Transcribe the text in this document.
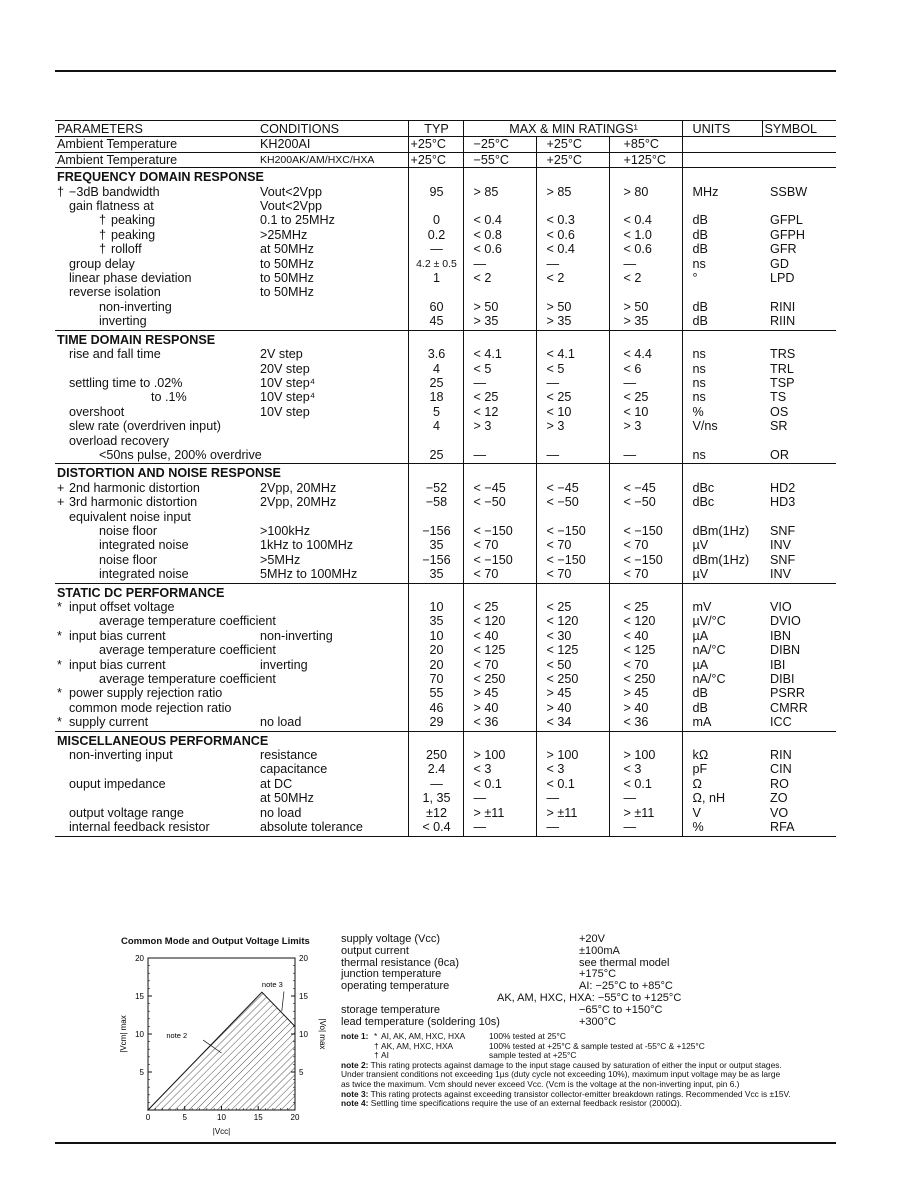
PARAMETERS	CONDITIONS	TYP	MAX & MIN RATINGS¹			UNITS	SYMBOL
Ambient Temperature	KH200AI	+25°C	−25°C	+25°C	+85°C		
Ambient Temperature	KH200AK/AM/HXC/HXA	+25°C	−55°C	+25°C	+125°C		
FREQUENCY DOMAIN RESPONSE							
† −3dB bandwidth	Vout<2Vpp	95	> 85	> 85	> 80	MHz	SSBW
gain flatness at	Vout<2Vpp						
† peaking	0.1 to 25MHz	0	< 0.4	< 0.3	< 0.4	dB	GFPL
† peaking	>25MHz	0.2	< 0.8	< 0.6	< 1.0	dB	GFPH
† rolloff	at 50MHz	—	< 0.6	< 0.4	< 0.6	dB	GFR
group delay	to 50MHz	4.2 ± 0.5	—	—	—	ns	GD
linear phase deviation	to 50MHz	1	< 2	< 2	< 2	°	LPD
reverse isolation	to 50MHz						
non-inverting		60	> 50	> 50	> 50	dB	RINI
inverting		45	> 35	> 35	> 35	dB	RIIN
TIME DOMAIN RESPONSE							
rise and fall time	2V step	3.6	< 4.1	< 4.1	< 4.4	ns	TRS
	20V step	4	< 5	< 5	< 6	ns	TRL
settling time to .02%	10V step⁴	25	—	—	—	ns	TSP
to .1%	10V step⁴	18	< 25	< 25	< 25	ns	TS
overshoot	10V step	5	< 12	< 10	< 10	%	OS
slew rate (overdriven input)		4	> 3	> 3	> 3	V/ns	SR
overload recovery							
<50ns pulse, 200% overdrive		25	—	—	—	ns	OR
DISTORTION AND NOISE RESPONSE							
+ 2nd harmonic distortion	2Vpp, 20MHz	−52	< −45	< −45	< −45	dBc	HD2
+ 3rd harmonic distortion	2Vpp, 20MHz	−58	< −50	< −50	< −50	dBc	HD3
equivalent noise input							
noise floor	>100kHz	−156	< −150	< −150	< −150	dBm(1Hz)	SNF
integrated noise	1kHz to 100MHz	35	< 70	< 70	< 70	µV	INV
noise floor	>5MHz	−156	< −150	< −150	< −150	dBm(1Hz)	SNF
integrated noise	5MHz to 100MHz	35	< 70	< 70	< 70	µV	INV
STATIC DC PERFORMANCE							
* input offset voltage		10	< 25	< 25	< 25	mV	VIO
average temperature coefficient		35	< 120	< 120	< 120	µV/°C	DVIO
* input bias current	non-inverting	10	< 40	< 30	< 40	µA	IBN
average temperature coefficient		20	< 125	< 125	< 125	nA/°C	DIBN
* input bias current	inverting	20	< 70	< 50	< 70	µA	IBI
average temperature coefficient		70	< 250	< 250	< 250	nA/°C	DIBI
* power supply rejection ratio		55	> 45	> 45	> 45	dB	PSRR
common mode rejection ratio		46	> 40	> 40	> 40	dB	CMRR
* supply current	no load	29	< 36	< 34	< 36	mA	ICC
MISCELLANEOUS PERFORMANCE							
non-inverting input	resistance	250	> 100	> 100	> 100	kΩ	RIN
	capacitance	2.4	< 3	< 3	< 3	pF	CIN
ouput impedance	at DC	—	< 0.1	< 0.1	< 0.1	Ω	RO
	at 50MHz	1, 35	—	—	—	Ω, nH	ZO
output voltage range	no load	±12	> ±11	> ±11	> ±11	V	VO
internal feedback resistor	absolute tolerance	< 0.4	—	—	—	%	RFA
Common Mode and Output Voltage Limits
0	5	10	15	20
20
15
10
5
20
15
10
5
|Vcc|
|Vcm| max	|Vo| max
note 2
note 3
supply voltage (Vcc)	+20V
output current	±100mA
thermal resistance (θca)	see thermal model
junction temperature	+175°C
operating temperature	AI: −25°C to +85°C
AK, AM, HXC, HXA: −55°C to +125°C
storage temperature	−65°C to +150°C
lead temperature (soldering 10s)	+300°C
note 1: * AI, AK, AM, HXC, HXA	100% tested at 25°C
† AK, AM, HXC, HXA	100% tested at +25°C & sample tested at -55°C & +125°C
† AI	sample tested at +25°C

note 2: This rating protects against damage to the input stage caused by saturation of either the input or output stages. Under transient conditions not exceeding 1µs (duty cycle not exceeding 10%), maximum input voltage may be as large as twice the maximum. Vcm should never exceed Vcc. (Vcm is the voltage at the non-inverting input, pin 6.)

note 3: This rating protects against exceeding transistor collector-emitter breakdown ratings. Recommended Vcc is ±15V.

note 4: Settling time specifications require the use of an external feedback resistor (2000Ω).
